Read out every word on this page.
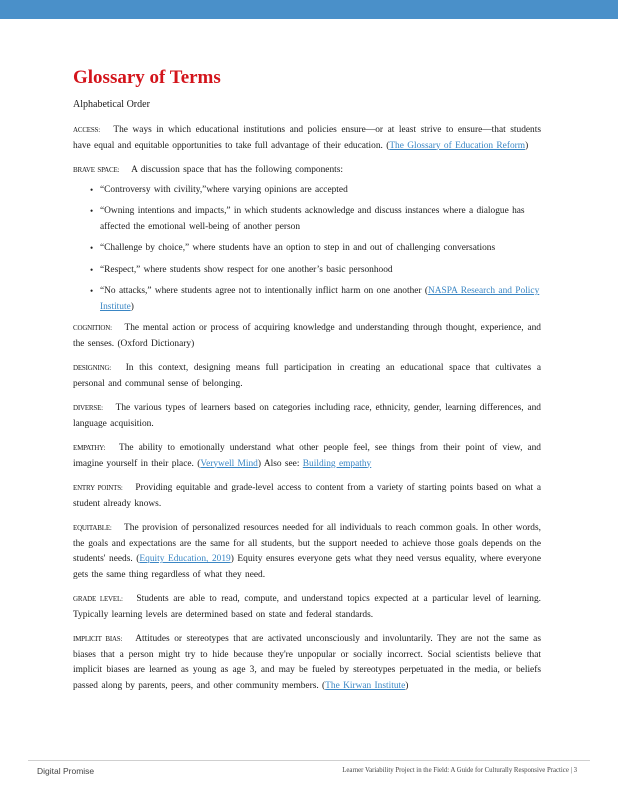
Glossary of Terms

Alphabetical Order

ACCESS: The ways in which educational institutions and policies ensure—or at least strive to ensure—that students have equal and equitable opportunities to take full advantage of their education. (The Glossary of Education Reform)

BRAVE SPACE: A discussion space that has the following components:

• “Controversy with civility,”where varying opinions are accepted
• “Owning intentions and impacts,” in which students acknowledge and discuss instances where a dialogue has affected the emotional well-being of another person
• “Challenge by choice,” where students have an option to step in and out of challenging conversations
• “Respect,” where students show respect for one another’s basic personhood
• “No attacks,” where students agree not to intentionally inflict harm on one another (NASPA Research and Policy Institute)

COGNITION: The mental action or process of acquiring knowledge and understanding through thought, experience, and the senses. (Oxford Dictionary)

DESIGNING: In this context, designing means full participation in creating an educational space that cultivates a personal and communal sense of belonging.

DIVERSE: The various types of learners based on categories including race, ethnicity, gender, learning differences, and language acquisition.

EMPATHY: The ability to emotionally understand what other people feel, see things from their point of view, and imagine yourself in their place. (Verywell Mind) Also see: Building empathy

ENTRY POINTS: Providing equitable and grade-level access to content from a variety of starting points based on what a student already knows.

EQUITABLE: The provision of personalized resources needed for all individuals to reach common goals. In other words, the goals and expectations are the same for all students, but the support needed to achieve those goals depends on the students' needs. (Equity Education, 2019) Equity ensures everyone gets what they need versus equality, where everyone gets the same thing regardless of what they need.

GRADE LEVEL: Students are able to read, compute, and understand topics expected at a particular level of learning. Typically learning levels are determined based on state and federal standards.

IMPLICIT BIAS: Attitudes or stereotypes that are activated unconsciously and involuntarily. They are not the same as biases that a person might try to hide because they're unpopular or socially incorrect. Social scientists believe that implicit biases are learned as young as age 3, and may be fueled by stereotypes perpetuated in the media, or beliefs passed along by parents, peers, and other community members. (The Kirwan Institute)

Digital Promise	Learner Variability Project in the Field: A Guide for Culturally Responsive Practice | 3
